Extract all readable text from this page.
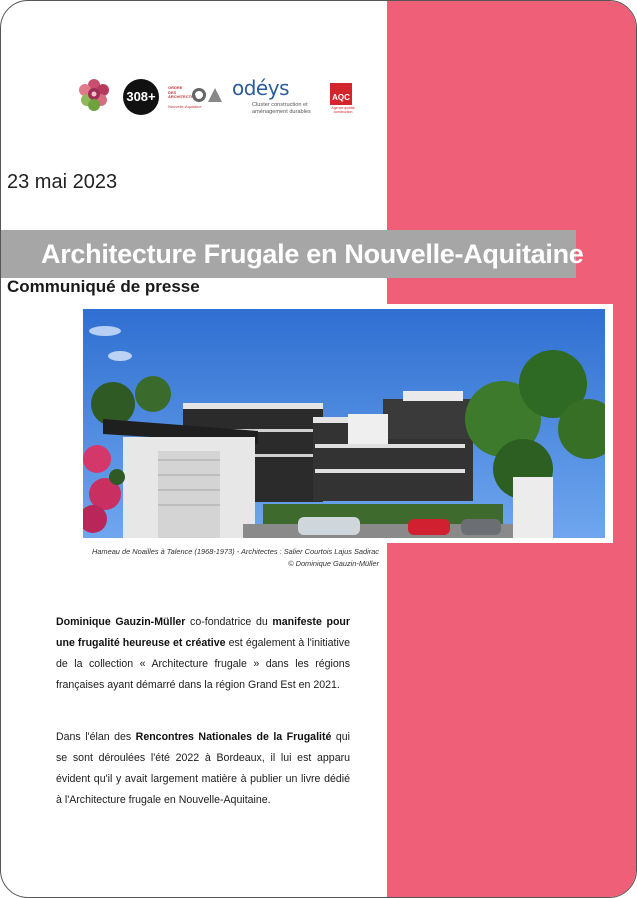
308+
ORDRE DES ARCHITECTES
Nouvelle-Aquitaine
odéys
Cluster construction et aménagement durables
AQC
Agence qualité construction
23 mai 2023
Architecture Frugale en Nouvelle-Aquitaine
Communiqué de presse
Hameau de Noailles à Talence (1968-1973) - Architectes : Salier Courtois Lajus Sadirac
© Dominique Gauzin-Müller
Dominique Gauzin-Müller co-fondatrice du manifeste pour une frugalité heureuse et créative est également à l'initiative de la collection « Architecture frugale » dans les régions françaises ayant démarré dans la région Grand Est en 2021.
Dans l'élan des Rencontres Nationales de la Frugalité qui se sont déroulées l'été 2022 à Bordeaux, il lui est apparu évident qu'il y avait largement matière à publier un livre dédié à l'Architecture frugale en Nouvelle-Aquitaine.
